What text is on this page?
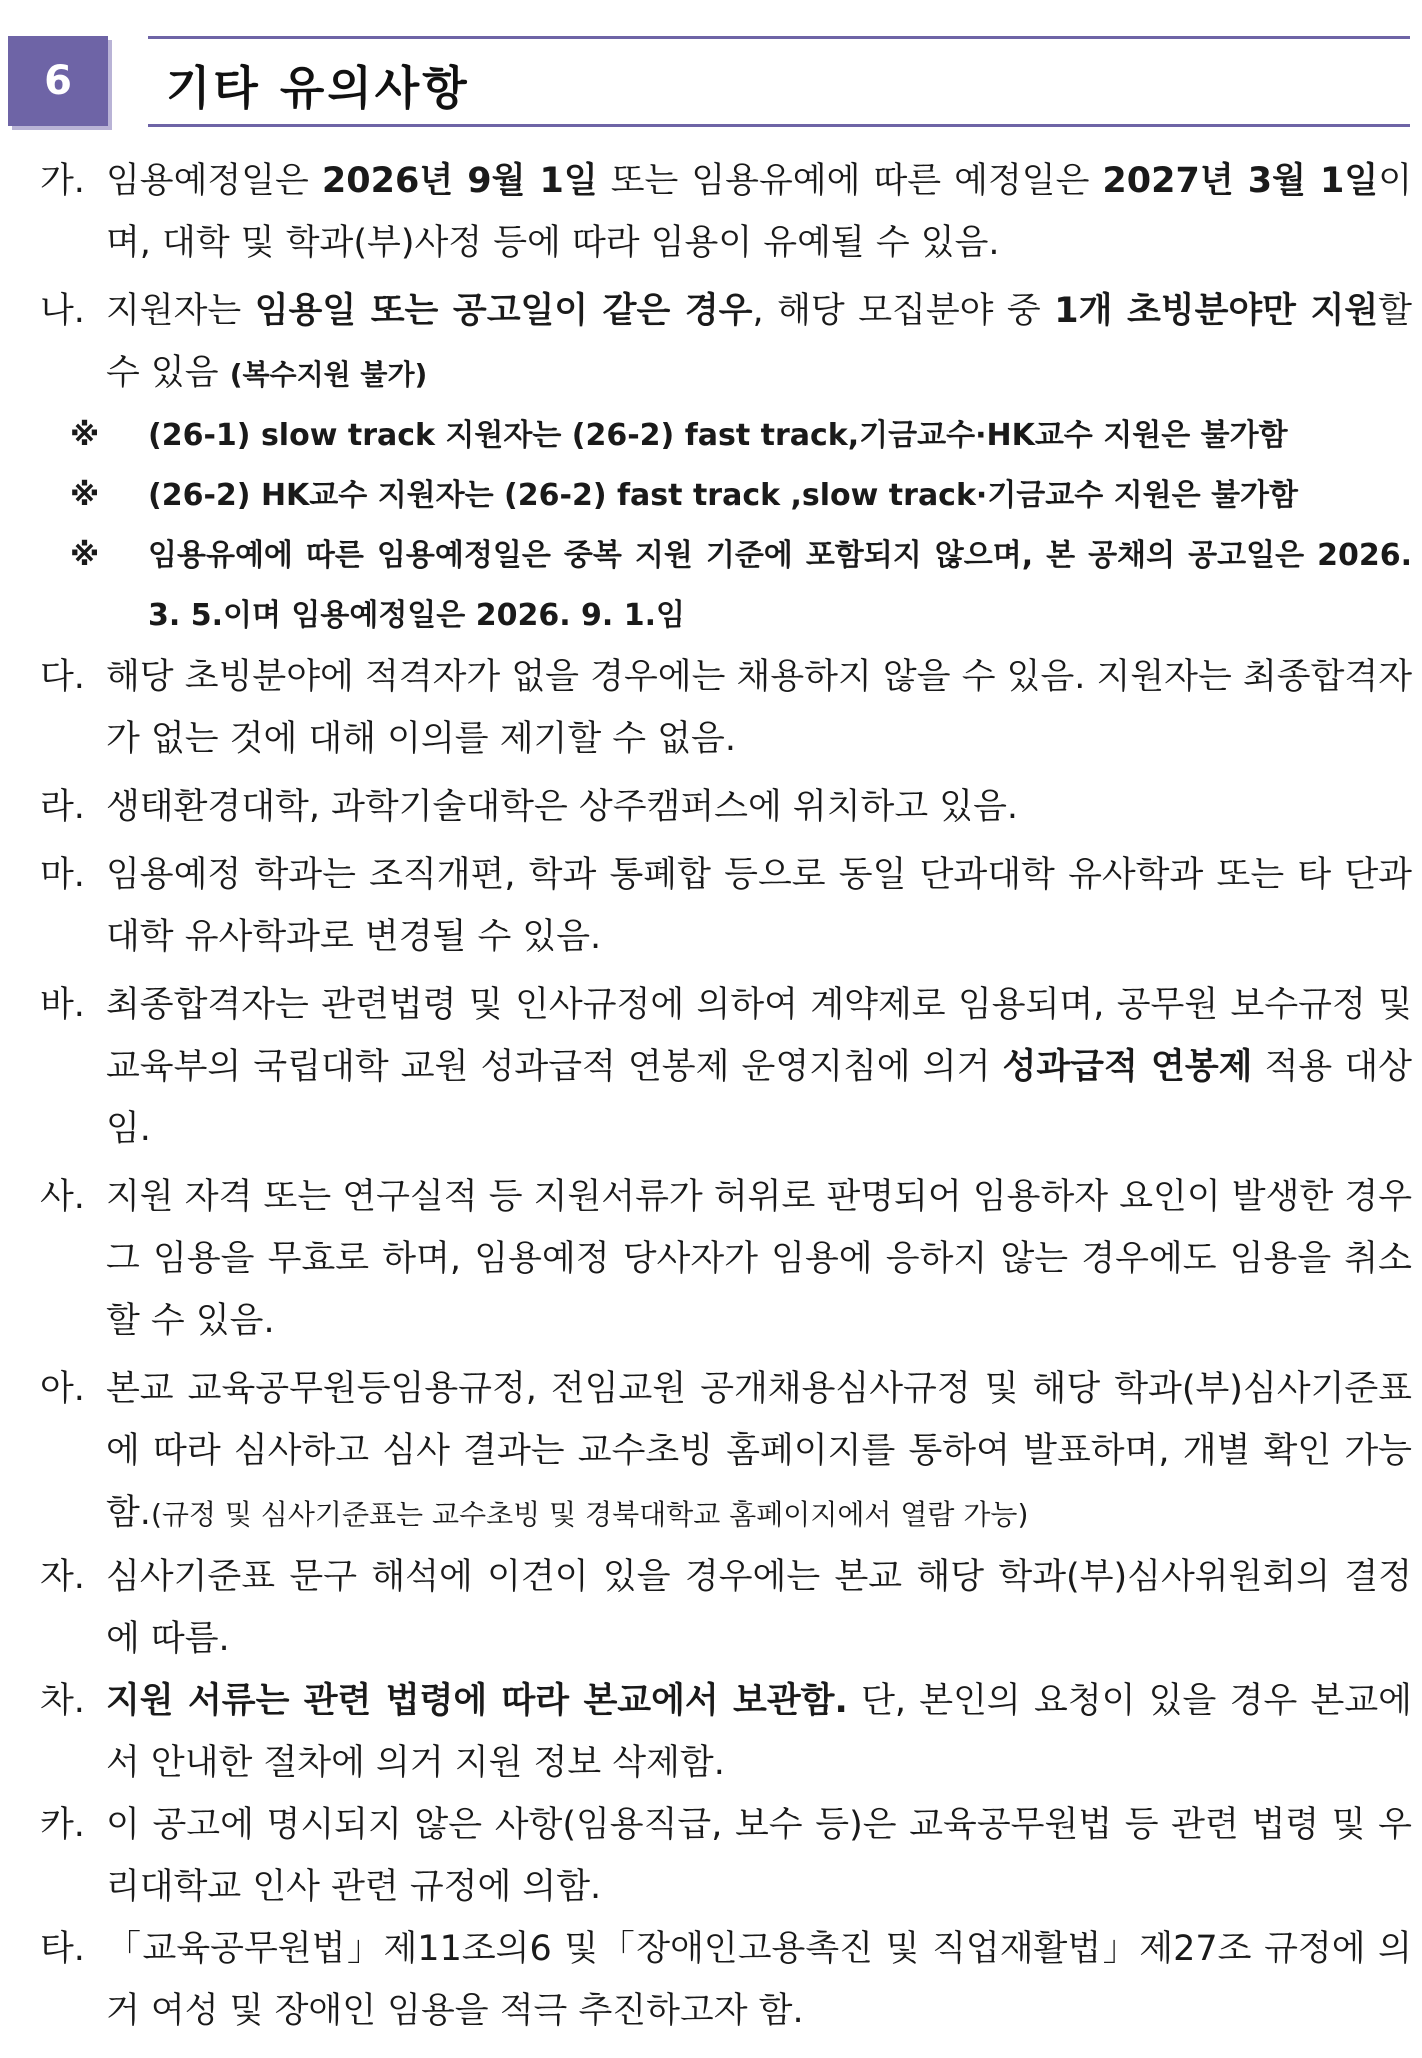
6	기타 유의사항
가. 임용예정일은 2026년 9월 1일 또는 임용유예에 따른 예정일은 2027년 3월 1일이며, 대학 및 학과(부)사정 등에 따라 임용이 유예될 수 있음.
나. 지원자는 임용일 또는 공고일이 같은 경우, 해당 모집분야 중 1개 초빙분야만 지원할 수 있음 (복수지원 불가)
※ (26-1) slow track 지원자는 (26-2) fast track,기금교수·HK교수 지원은 불가함
※ (26-2) HK교수 지원자는 (26-2) fast track ,slow track·기금교수 지원은 불가함
※ 임용유예에 따른 임용예정일은 중복 지원 기준에 포함되지 않으며, 본 공채의 공고일은 2026. 3. 5.이며 임용예정일은 2026. 9. 1.임
다. 해당 초빙분야에 적격자가 없을 경우에는 채용하지 않을 수 있음. 지원자는 최종합격자가 없는 것에 대해 이의를 제기할 수 없음.
라. 생태환경대학, 과학기술대학은 상주캠퍼스에 위치하고 있음.
마. 임용예정 학과는 조직개편, 학과 통폐합 등으로 동일 단과대학 유사학과 또는 타 단과대학 유사학과로 변경될 수 있음.
바. 최종합격자는 관련법령 및 인사규정에 의하여 계약제로 임용되며, 공무원 보수규정 및 교육부의 국립대학 교원 성과급적 연봉제 운영지침에 의거 성과급적 연봉제 적용 대상임.
사. 지원 자격 또는 연구실적 등 지원서류가 허위로 판명되어 임용하자 요인이 발생한 경우 그 임용을 무효로 하며, 임용예정 당사자가 임용에 응하지 않는 경우에도 임용을 취소할 수 있음.
아. 본교 교육공무원등임용규정, 전임교원 공개채용심사규정 및 해당 학과(부)심사기준표에 따라 심사하고 심사 결과는 교수초빙 홈페이지를 통하여 발표하며, 개별 확인 가능함.(규정 및 심사기준표는 교수초빙 및 경북대학교 홈페이지에서 열람 가능)
자. 심사기준표 문구 해석에 이견이 있을 경우에는 본교 해당 학과(부)심사위원회의 결정에 따름.
차. 지원 서류는 관련 법령에 따라 본교에서 보관함. 단, 본인의 요청이 있을 경우 본교에서 안내한 절차에 의거 지원 정보 삭제함.
카. 이 공고에 명시되지 않은 사항(임용직급, 보수 등)은 교육공무원법 등 관련 법령 및 우리대학교 인사 관련 규정에 의함.
타. 「교육공무원법」제11조의6 및「장애인고용촉진 및 직업재활법」제27조 규정에 의거 여성 및 장애인 임용을 적극 추진하고자 함.
